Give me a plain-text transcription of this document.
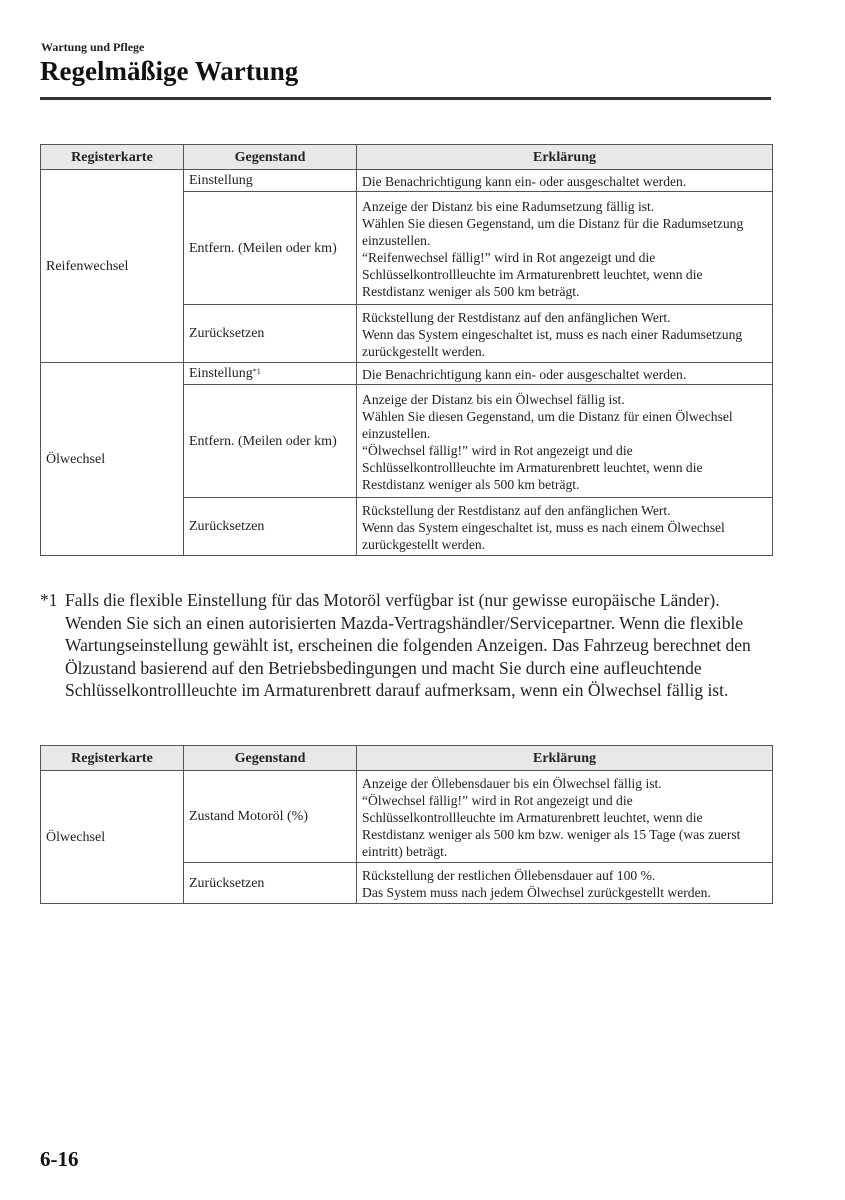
Wartung und Pflege
Regelmäßige Wartung
Registerkarte	Gegenstand	Erklärung
Reifenwechsel	Einstellung	Die Benachrichtigung kann ein- oder ausgeschaltet werden.

	Entfern. (Meilen oder km)	Anzeige der Distanz bis eine Radumsetzung fällig ist.
Wählen Sie diesen Gegenstand, um die Distanz für die Radumsetzung einzustellen.
“Reifenwechsel fällig!” wird in Rot angezeigt und die Schlüsselkontrollleuchte im Armaturenbrett leuchtet, wenn die Restdistanz weniger als 500 km beträgt.

	Zurücksetzen	Rückstellung der Restdistanz auf den anfänglichen Wert.
Wenn das System eingeschaltet ist, muss es nach einer Radumsetzung zurückgestellt werden.

Ölwechsel	Einstellung$^{*1}$	Die Benachrichtigung kann ein- oder ausgeschaltet werden.

	Entfern. (Meilen oder km)	Anzeige der Distanz bis ein Ölwechsel fällig ist.
Wählen Sie diesen Gegenstand, um die Distanz für einen Ölwechsel einzustellen.
“Ölwechsel fällig!” wird in Rot angezeigt und die Schlüsselkontrollleuchte im Armaturenbrett leuchtet, wenn die Restdistanz weniger als 500 km beträgt.

	Zurücksetzen	Rückstellung der Restdistanz auf den anfänglichen Wert.
Wenn das System eingeschaltet ist, muss es nach einem Ölwechsel zurückgestellt werden.
*1 Falls die flexible Einstellung für das Motoröl verfügbar ist (nur gewisse europäische Länder). Wenden Sie sich an einen autorisierten Mazda-Vertragshändler/Servicepartner. Wenn die flexible Wartungseinstellung gewählt ist, erscheinen die folgenden Anzeigen. Das Fahrzeug berechnet den Ölzustand basierend auf den Betriebsbedingungen und macht Sie durch eine aufleuchtende Schlüsselkontrollleuchte im Armaturenbrett darauf aufmerksam, wenn ein Ölwechsel fällig ist.
Registerkarte	Gegenstand	Erklärung
Ölwechsel	Zustand Motoröl (%)	Anzeige der Öllebensdauer bis ein Ölwechsel fällig ist.
“Ölwechsel fällig!” wird in Rot angezeigt und die Schlüsselkontrollleuchte im Armaturenbrett leuchtet, wenn die Restdistanz weniger als 500 km bzw. weniger als 15 Tage (was zuerst eintritt) beträgt.

	Zurücksetzen	Rückstellung der restlichen Öllebensdauer auf 100 %.
Das System muss nach jedem Ölwechsel zurückgestellt werden.
6-16
